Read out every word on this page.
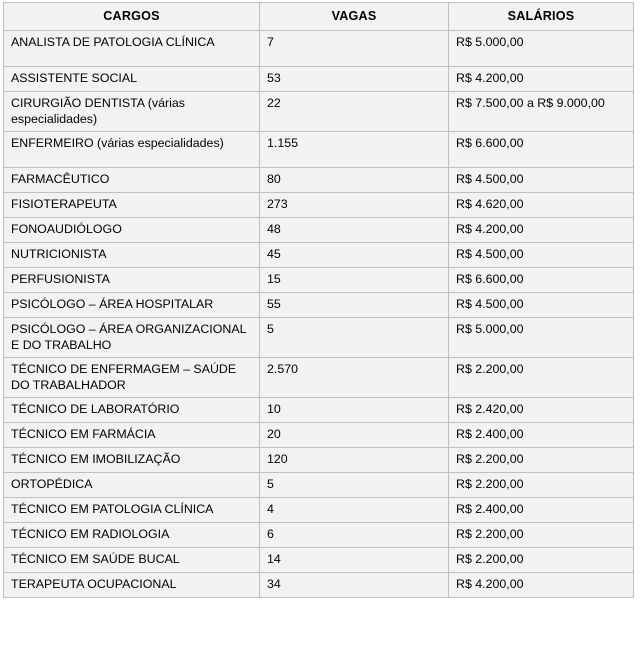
CARGOS	VAGAS	SALÁRIOS

ANALISTA DE PATOLOGIA CLÍNICA	7	R$ 5.000,00

ASSISTENTE SOCIAL	53	R$ 4.200,00

CIRURGIÃO DENTISTA (várias especialidades)	22	R$ 7.500,00 a R$ 9.000,00

ENFERMEIRO (várias especialidades)	1.155	R$ 6.600,00

FARMACÊUTICO	80	R$ 4.500,00

FISIOTERAPEUTA	273	R$ 4.620,00

FONOAUDIÓLOGO	48	R$ 4.200,00

NUTRICIONISTA	45	R$ 4.500,00

PERFUSIONISTA	15	R$ 6.600,00

PSICÓLOGO – ÁREA HOSPITALAR	55	R$ 4.500,00

PSICÓLOGO – ÁREA ORGANIZACIONAL E DO TRABALHO	5	R$ 5.000,00

TÉCNICO DE ENFERMAGEM – SAÚDE DO TRABALHADOR	2.570	R$ 2.200,00

TÉCNICO DE LABORATÓRIO	10	R$ 2.420,00

TÉCNICO EM FARMÁCIA	20	R$ 2.400,00

TÉCNICO EM IMOBILIZAÇÃO	120	R$ 2.200,00

ORTOPÉDICA	5	R$ 2.200,00

TÉCNICO EM PATOLOGIA CLÍNICA	4	R$ 2.400,00

TÉCNICO EM RADIOLOGIA	6	R$ 2.200,00

TÉCNICO EM SAÚDE BUCAL	14	R$ 2.200,00

TERAPEUTA OCUPACIONAL	34	R$ 4.200,00
